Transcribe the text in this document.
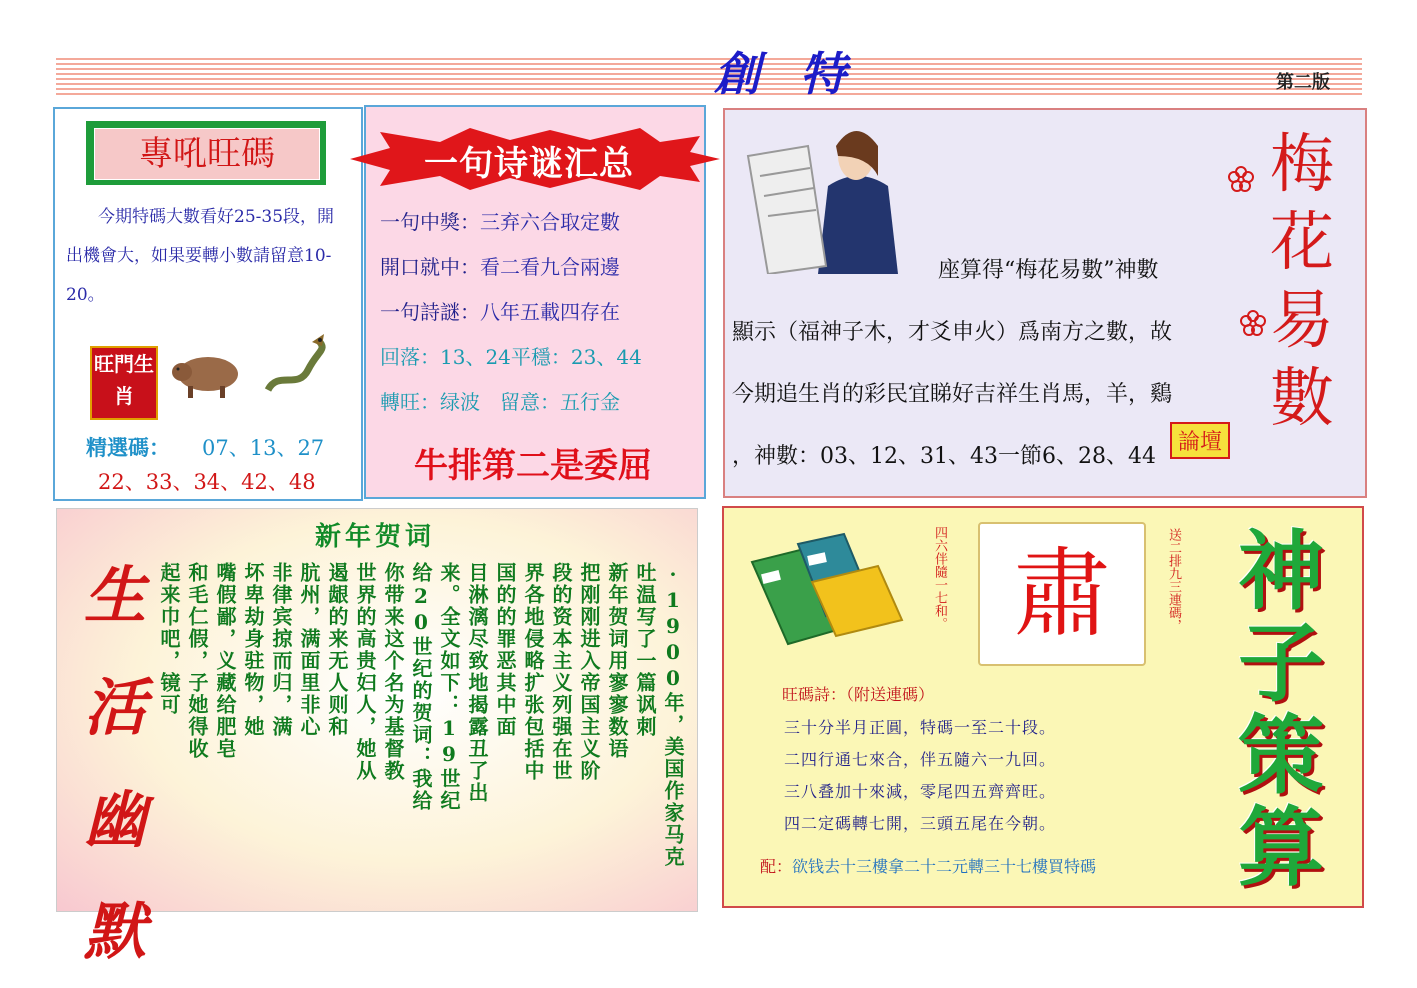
創特	第二版
專吼旺碼
今期特碼大數看好25-35段，開出機會大，如果要轉小數請留意10-20。
旺門生肖
精選碼： 07、13、27
22、33、34、42、48
一句诗谜汇总
一句中獎：三弃六合取定數
開口就中：看二看九合兩邊
一句詩謎：八年五載四存在
回落：13、24平穩：23、44
轉旺：绿波　留意：五行金
牛排第二是委屈
座算得“梅花易數”神數
顯示（福神子木，才爻申火）爲南方之數，故
今期追生肖的彩民宜睇好吉祥生肖馬，羊，鷄
，神數：03、12、31、43一節6、28、44
梅花易數
論壇
新年贺词
生
活
幽
默
·1900年，美国作家马克
吐温写了一篇讽刺
新年贺词用寥寥数语
把刚刚进入帝国主义阶
段的资本主义列强在世
界各地侵略扩张包括中
国的的罪恶其中面
目淋漓尽致地揭露丑了出
来。全文如下：19世纪
给20世纪的贺词：我给
你带来这个名为基督教
世界的高贵妇人，她从
遏龈的来无人则和
肮州，满面里非心
非律宾掠而归，满
坏卑劫身驻物，她
嘴假鄙，义藏给肥皂
和毛仁假，子她得收
起来巾吧，镜可	四六伴隨一七和。 肅	送二排九三連碼， 神子策算
旺碼詩：（附送連碼）
三十分半月正圓，特碼一至二十段。
二四行通七來合，伴五隨六一九回。
三八叠加十來減，零尾四五齊齊旺。
四二定碼轉七開，三頭五尾在今朝。
配：欲钱去十三樓拿二十二元轉三十七樓買特碼
